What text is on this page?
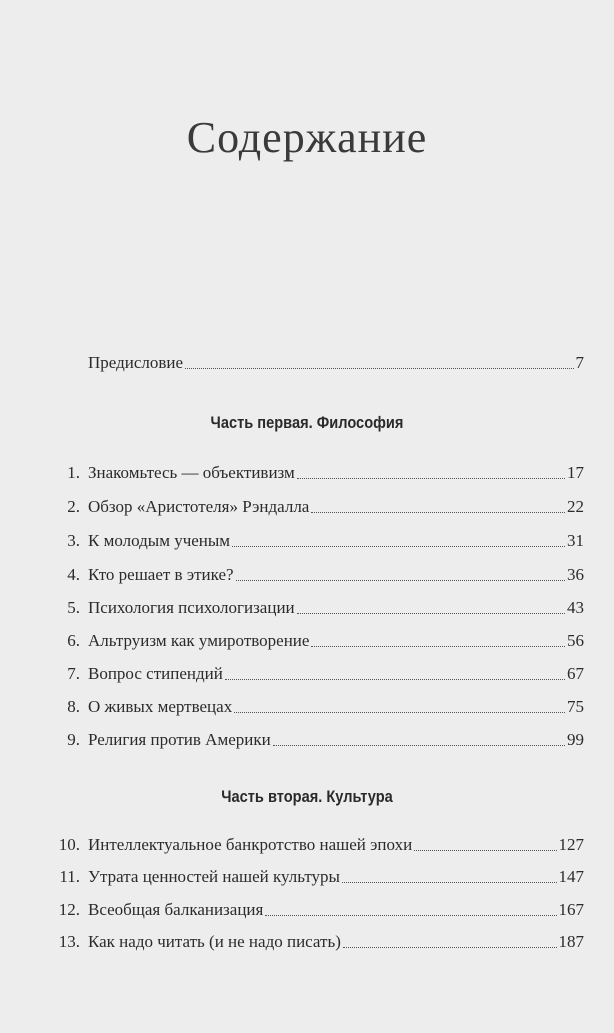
Содержание
Предисловие	7
Часть первая. Философия
1. Знакомьтесь — объективизм	17
2. Обзор «Аристотеля» Рэндалла	22
3. К молодым ученым	31
4. Кто решает в этике?	36
5. Психология психологизации	43
6. Альтруизм как умиротворение	56
7. Вопрос стипендий	67
8. О живых мертвецах	75
9. Религия против Америки	99
Часть вторая. Культура
10. Интеллектуальное банкротство нашей эпохи	127
11. Утрата ценностей нашей культуры	147
12. Всеобщая балканизация	167
13. Как надо читать (и не надо писать)	187
